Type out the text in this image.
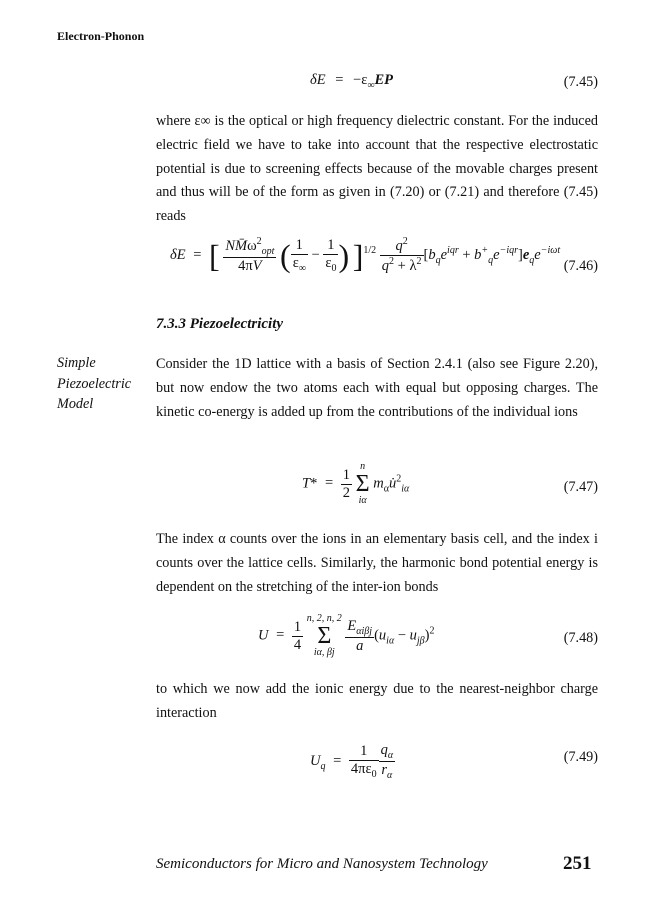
Electron-Phonon
$\delta E = -\varepsilon_\infty EP$	(7.45)

where ε∞ is the optical or high frequency dielectric constant. For the induced electric field we have to take into account that the respective electrostatic potential is due to screening effects because of the movable charges present and thus will be of the form as given in (7.20) or (7.21) and therefore (7.45) reads

δE = [ $\frac{NM̄\omega^2_{opt}}{4\pi V}$ ( $\frac{1}{\varepsilon_\infty} - \frac{1}{\varepsilon_0}$ ) ]$^{1/2} \frac{q^2}{q^2 + \lambda^2} [b_qe^{iqr} + b^+_qe^{-iqr}]e_qe^{-i\omega t}$
(7.46)
7.3.3 Piezoelectricity
Simple
Piezoelectric
Model

Consider the 1D lattice with a basis of Section 2.4.1 (also see Figure 2.20), but now endow the two atoms each with equal but opposing charges. The kinetic co-energy is added up from the contributions of the individual ions

$T* = \frac{1}{2}$
n
Σ
iα
$m_\alpha u̇^2_{i\alpha}$	(7.47)

The index α counts over the ions in an elementary basis cell, and the index i counts over the lattice cells. Similarly, the harmonic bond potential energy is dependent on the stretching of the inter-ion bonds

$U = \frac{1}{4}$
n, 2, n, 2
Σ
iα, βj
$\frac{E_{\alpha i\beta j}}{a} (u_{i\alpha} - u_{j\beta})^2$	(7.48)

to which we now add the ionic energy due to the nearest-neighbor charge interaction

$U_q = \frac{1}{4\pi\varepsilon_0} \frac{q_\alpha}{r_\alpha}$	(7.49)
Semiconductors for Micro and Nanosystem Technology	251
